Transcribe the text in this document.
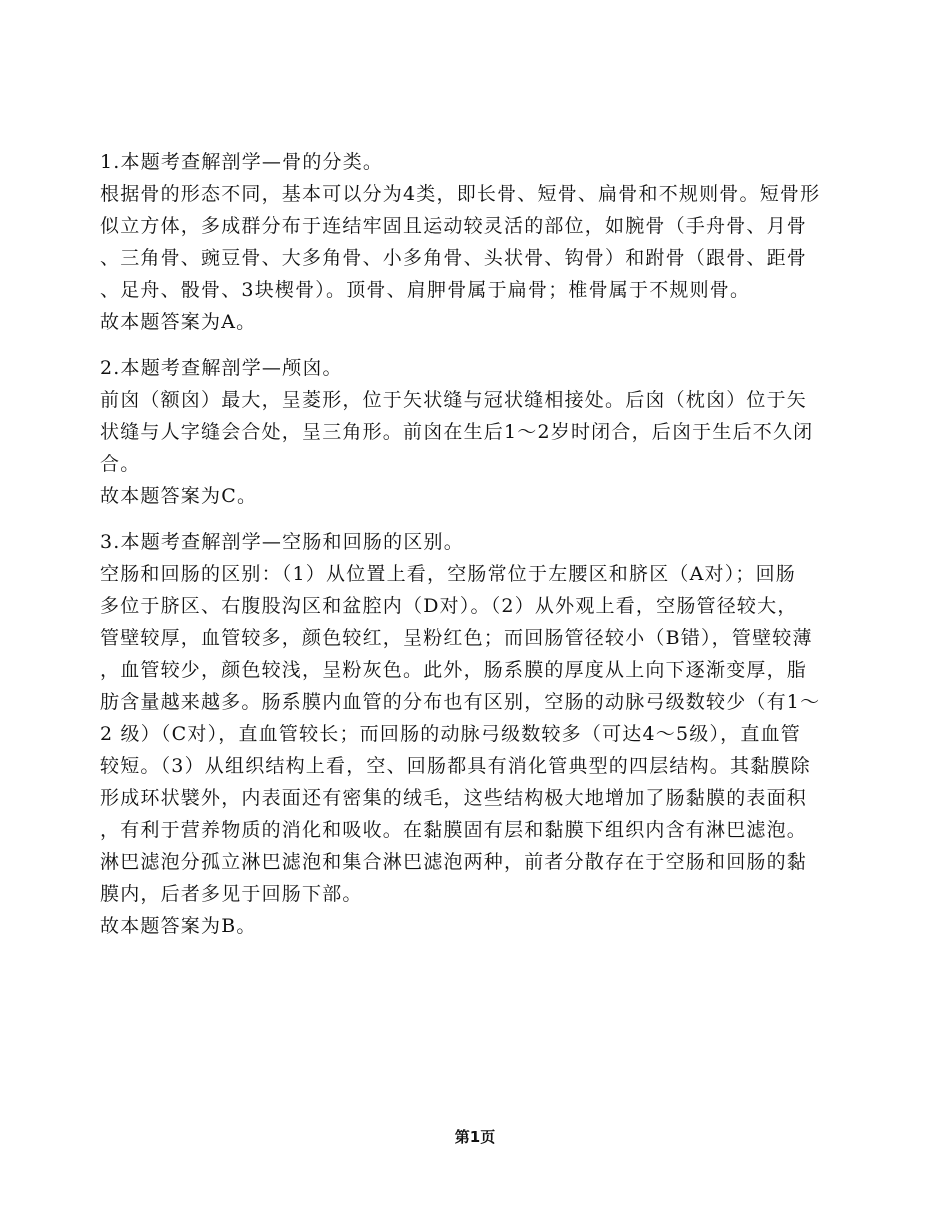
1.本题考查解剖学—骨的分类。
根据骨的形态不同，基本可以分为4类，即长骨、短骨、扁骨和不规则骨。短骨形
似立方体，多成群分布于连结牢固且运动较灵活的部位，如腕骨（手舟骨、月骨
、三角骨、豌豆骨、大多角骨、小多角骨、头状骨、钩骨）和跗骨（跟骨、距骨
、足舟、骰骨、3块楔骨）。顶骨、肩胛骨属于扁骨；椎骨属于不规则骨。
故本题答案为A。
2.本题考查解剖学—颅囟。
前囟（额囟）最大，呈菱形，位于矢状缝与冠状缝相接处。后囟（枕囟）位于矢
状缝与人字缝会合处，呈三角形。前囟在生后1～2岁时闭合，后囟于生后不久闭
合。
故本题答案为C。
3.本题考查解剖学—空肠和回肠的区别。
空肠和回肠的区别：（1）从位置上看，空肠常位于左腰区和脐区（A对）；回肠
多位于脐区、右腹股沟区和盆腔内（D对）。（2）从外观上看，空肠管径较大，
管壁较厚，血管较多，颜色较红，呈粉红色；而回肠管径较小（B错），管壁较薄
，血管较少，颜色较浅，呈粉灰色。此外，肠系膜的厚度从上向下逐渐变厚，脂
肪含量越来越多。肠系膜内血管的分布也有区别，空肠的动脉弓级数较少（有1～
2 级）（C对），直血管较长；而回肠的动脉弓级数较多（可达4～5级），直血管
较短。（3）从组织结构上看，空、回肠都具有消化管典型的四层结构。其黏膜除
形成环状襞外，内表面还有密集的绒毛，这些结构极大地增加了肠黏膜的表面积
，有利于营养物质的消化和吸收。在黏膜固有层和黏膜下组织内含有淋巴滤泡。
淋巴滤泡分孤立淋巴滤泡和集合淋巴滤泡两种，前者分散存在于空肠和回肠的黏
膜内，后者多见于回肠下部。
故本题答案为B。
第1页
